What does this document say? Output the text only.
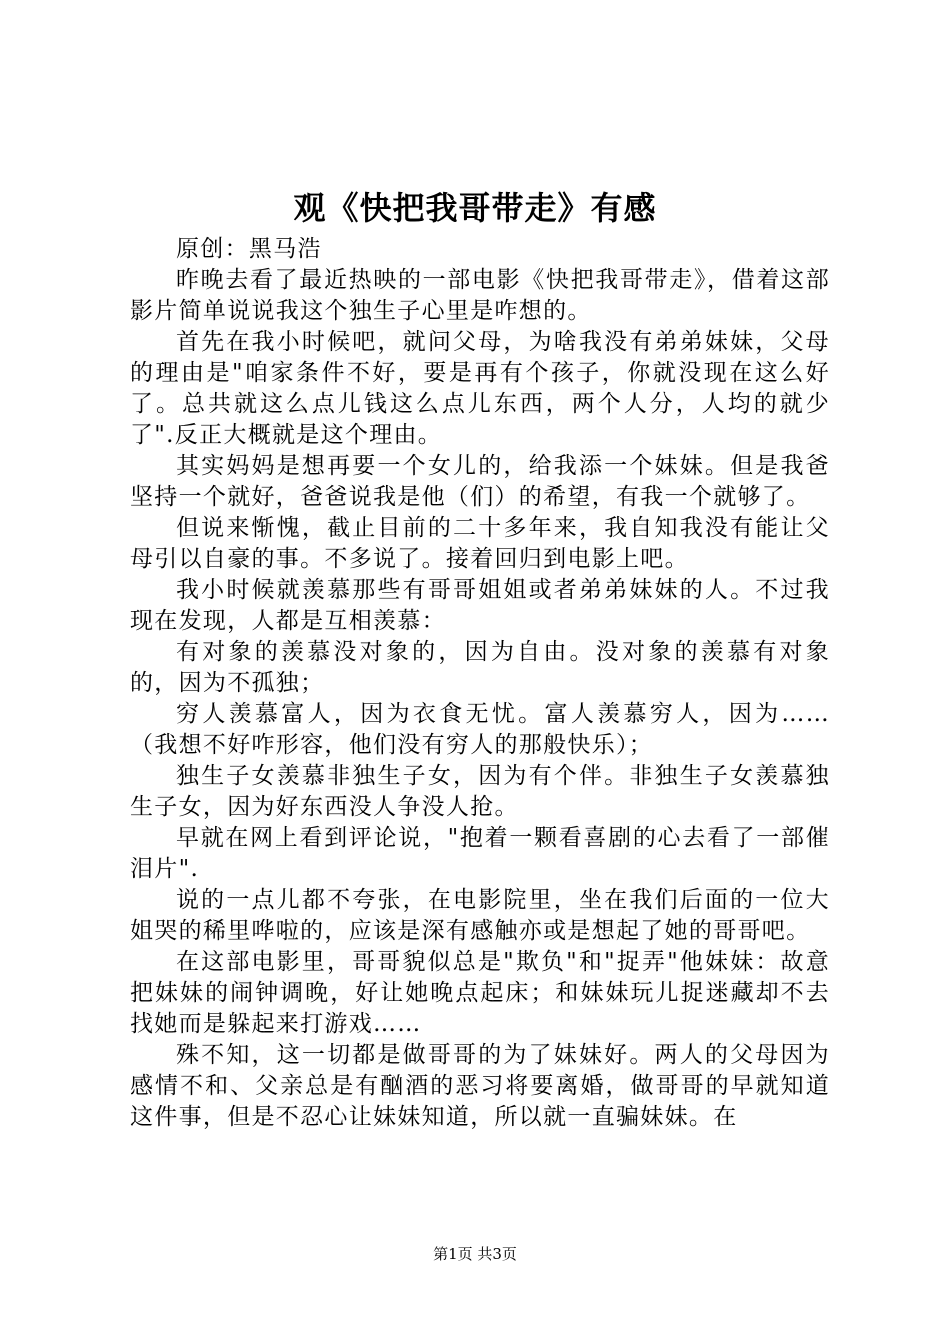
观《快把我哥带走》有感

原创：黑马浩

昨晚去看了最近热映的一部电影《快把我哥带走》，借着这部影片简单说说我这个独生子心里是咋想的。

首先在我小时候吧，就问父母，为啥我没有弟弟妹妹，父母的理由是"咱家条件不好，要是再有个孩子，你就没现在这么好了。总共就这么点儿钱这么点儿东西，两个人分，人均的就少了".反正大概就是这个理由。

其实妈妈是想再要一个女儿的，给我添一个妹妹。但是我爸坚持一个就好，爸爸说我是他（们）的希望，有我一个就够了。

但说来惭愧，截止目前的二十多年来，我自知我没有能让父母引以自豪的事。不多说了。接着回归到电影上吧。

我小时候就羡慕那些有哥哥姐姐或者弟弟妹妹的人。不过我现在发现，人都是互相羡慕：

有对象的羡慕没对象的，因为自由。没对象的羡慕有对象的，因为不孤独；

穷人羡慕富人，因为衣食无忧。富人羡慕穷人，因为……（我想不好咋形容，他们没有穷人的那般快乐）；

独生子女羡慕非独生子女，因为有个伴。非独生子女羡慕独生子女，因为好东西没人争没人抢。

早就在网上看到评论说，"抱着一颗看喜剧的心去看了一部催泪片".

说的一点儿都不夸张，在电影院里，坐在我们后面的一位大姐哭的稀里哗啦的，应该是深有感触亦或是想起了她的哥哥吧。

在这部电影里，哥哥貌似总是"欺负"和"捉弄"他妹妹：故意把妹妹的闹钟调晚，好让她晚点起床；和妹妹玩儿捉迷藏却不去找她而是躲起来打游戏……

殊不知，这一切都是做哥哥的为了妹妹好。两人的父母因为感情不和、父亲总是有酗酒的恶习将要离婚，做哥哥的早就知道这件事，但是不忍心让妹妹知道，所以就一直骗妹妹。在

第1页 共3页
